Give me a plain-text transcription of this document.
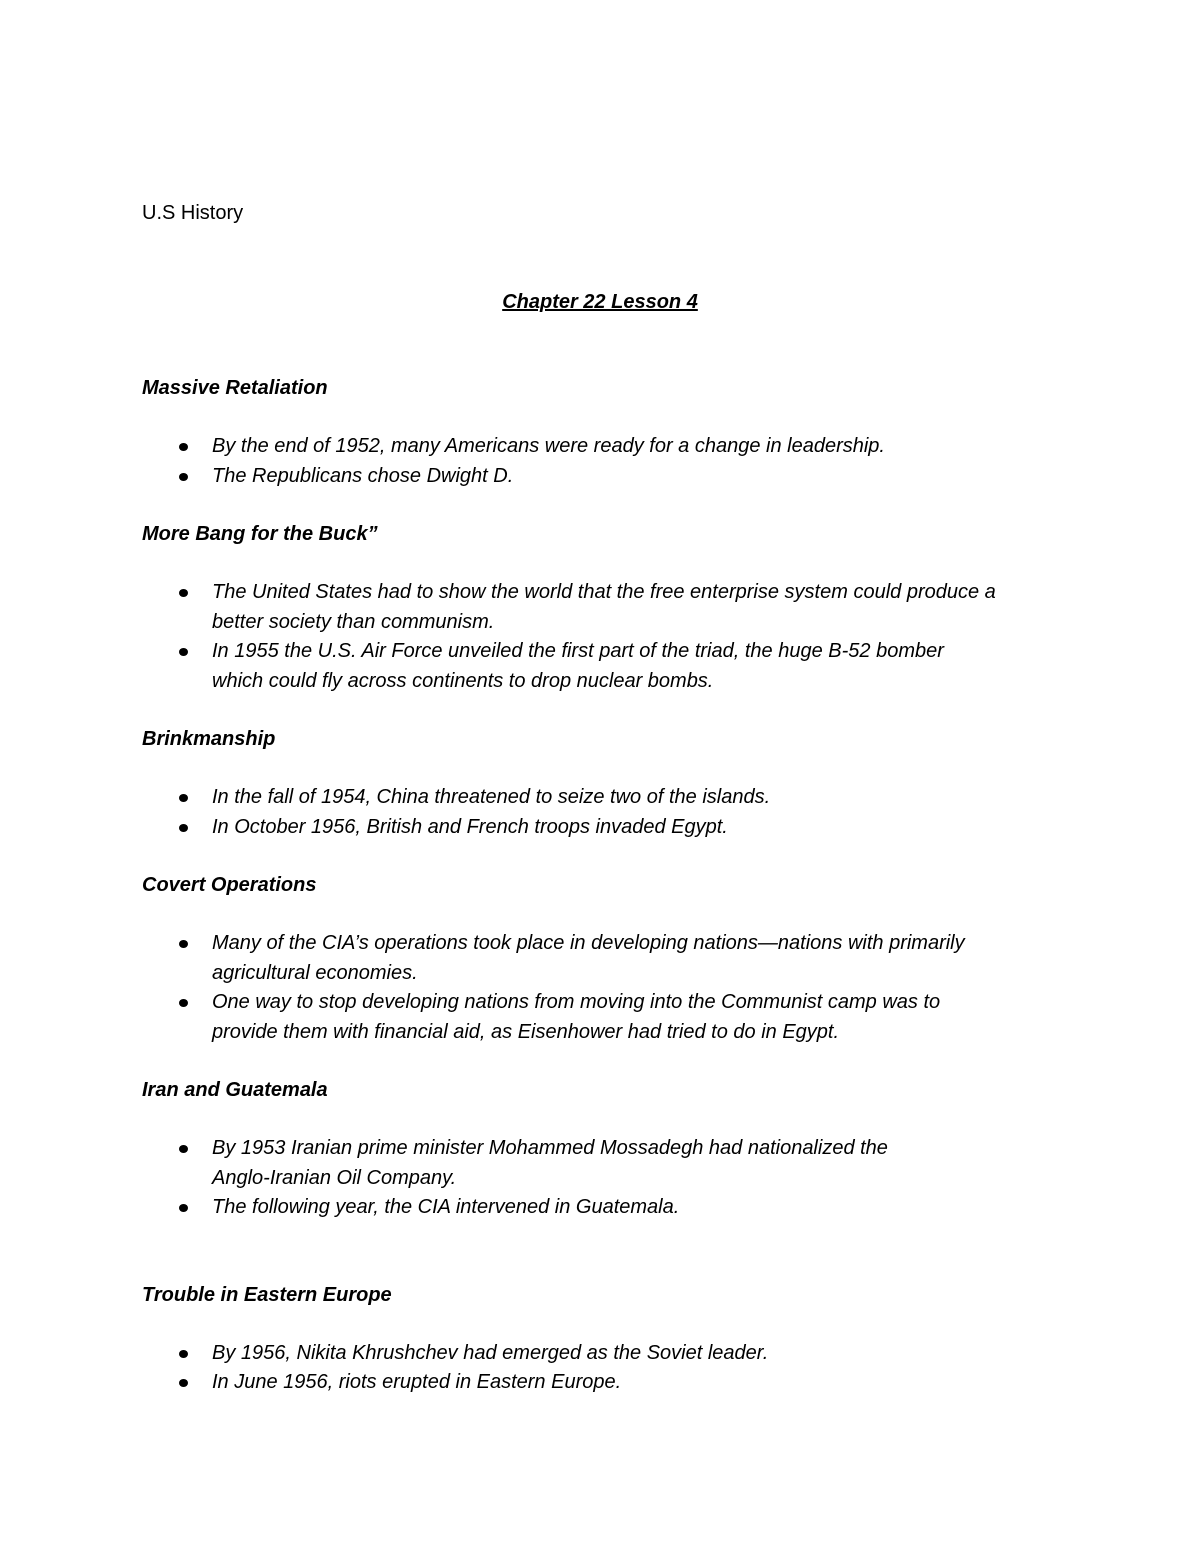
U.S History
Chapter 22 Lesson 4
Massive Retaliation
By the end of 1952, many Americans were ready for a change in leadership.
The Republicans chose Dwight D.
More Bang for the Buck”
The United States had to show the world that the free enterprise system could produce a
better society than communism.
In 1955 the U.S. Air Force unveiled the first part of the triad, the huge B-52 bomber
which could fly across continents to drop nuclear bombs.
Brinkmanship
In the fall of 1954, China threatened to seize two of the islands.
In October 1956, British and French troops invaded Egypt.
Covert Operations
Many of the CIA’s operations took place in developing nations—nations with primarily
agricultural economies.
One way to stop developing nations from moving into the Communist camp was to
provide them with financial aid, as Eisenhower had tried to do in Egypt.
Iran and Guatemala
By 1953 Iranian prime minister Mohammed Mossadegh had nationalized the
Anglo-Iranian Oil Company.
The following year, the CIA intervened in Guatemala.
Trouble in Eastern Europe
By 1956, Nikita Khrushchev had emerged as the Soviet leader.
In June 1956, riots erupted in Eastern Europe.
